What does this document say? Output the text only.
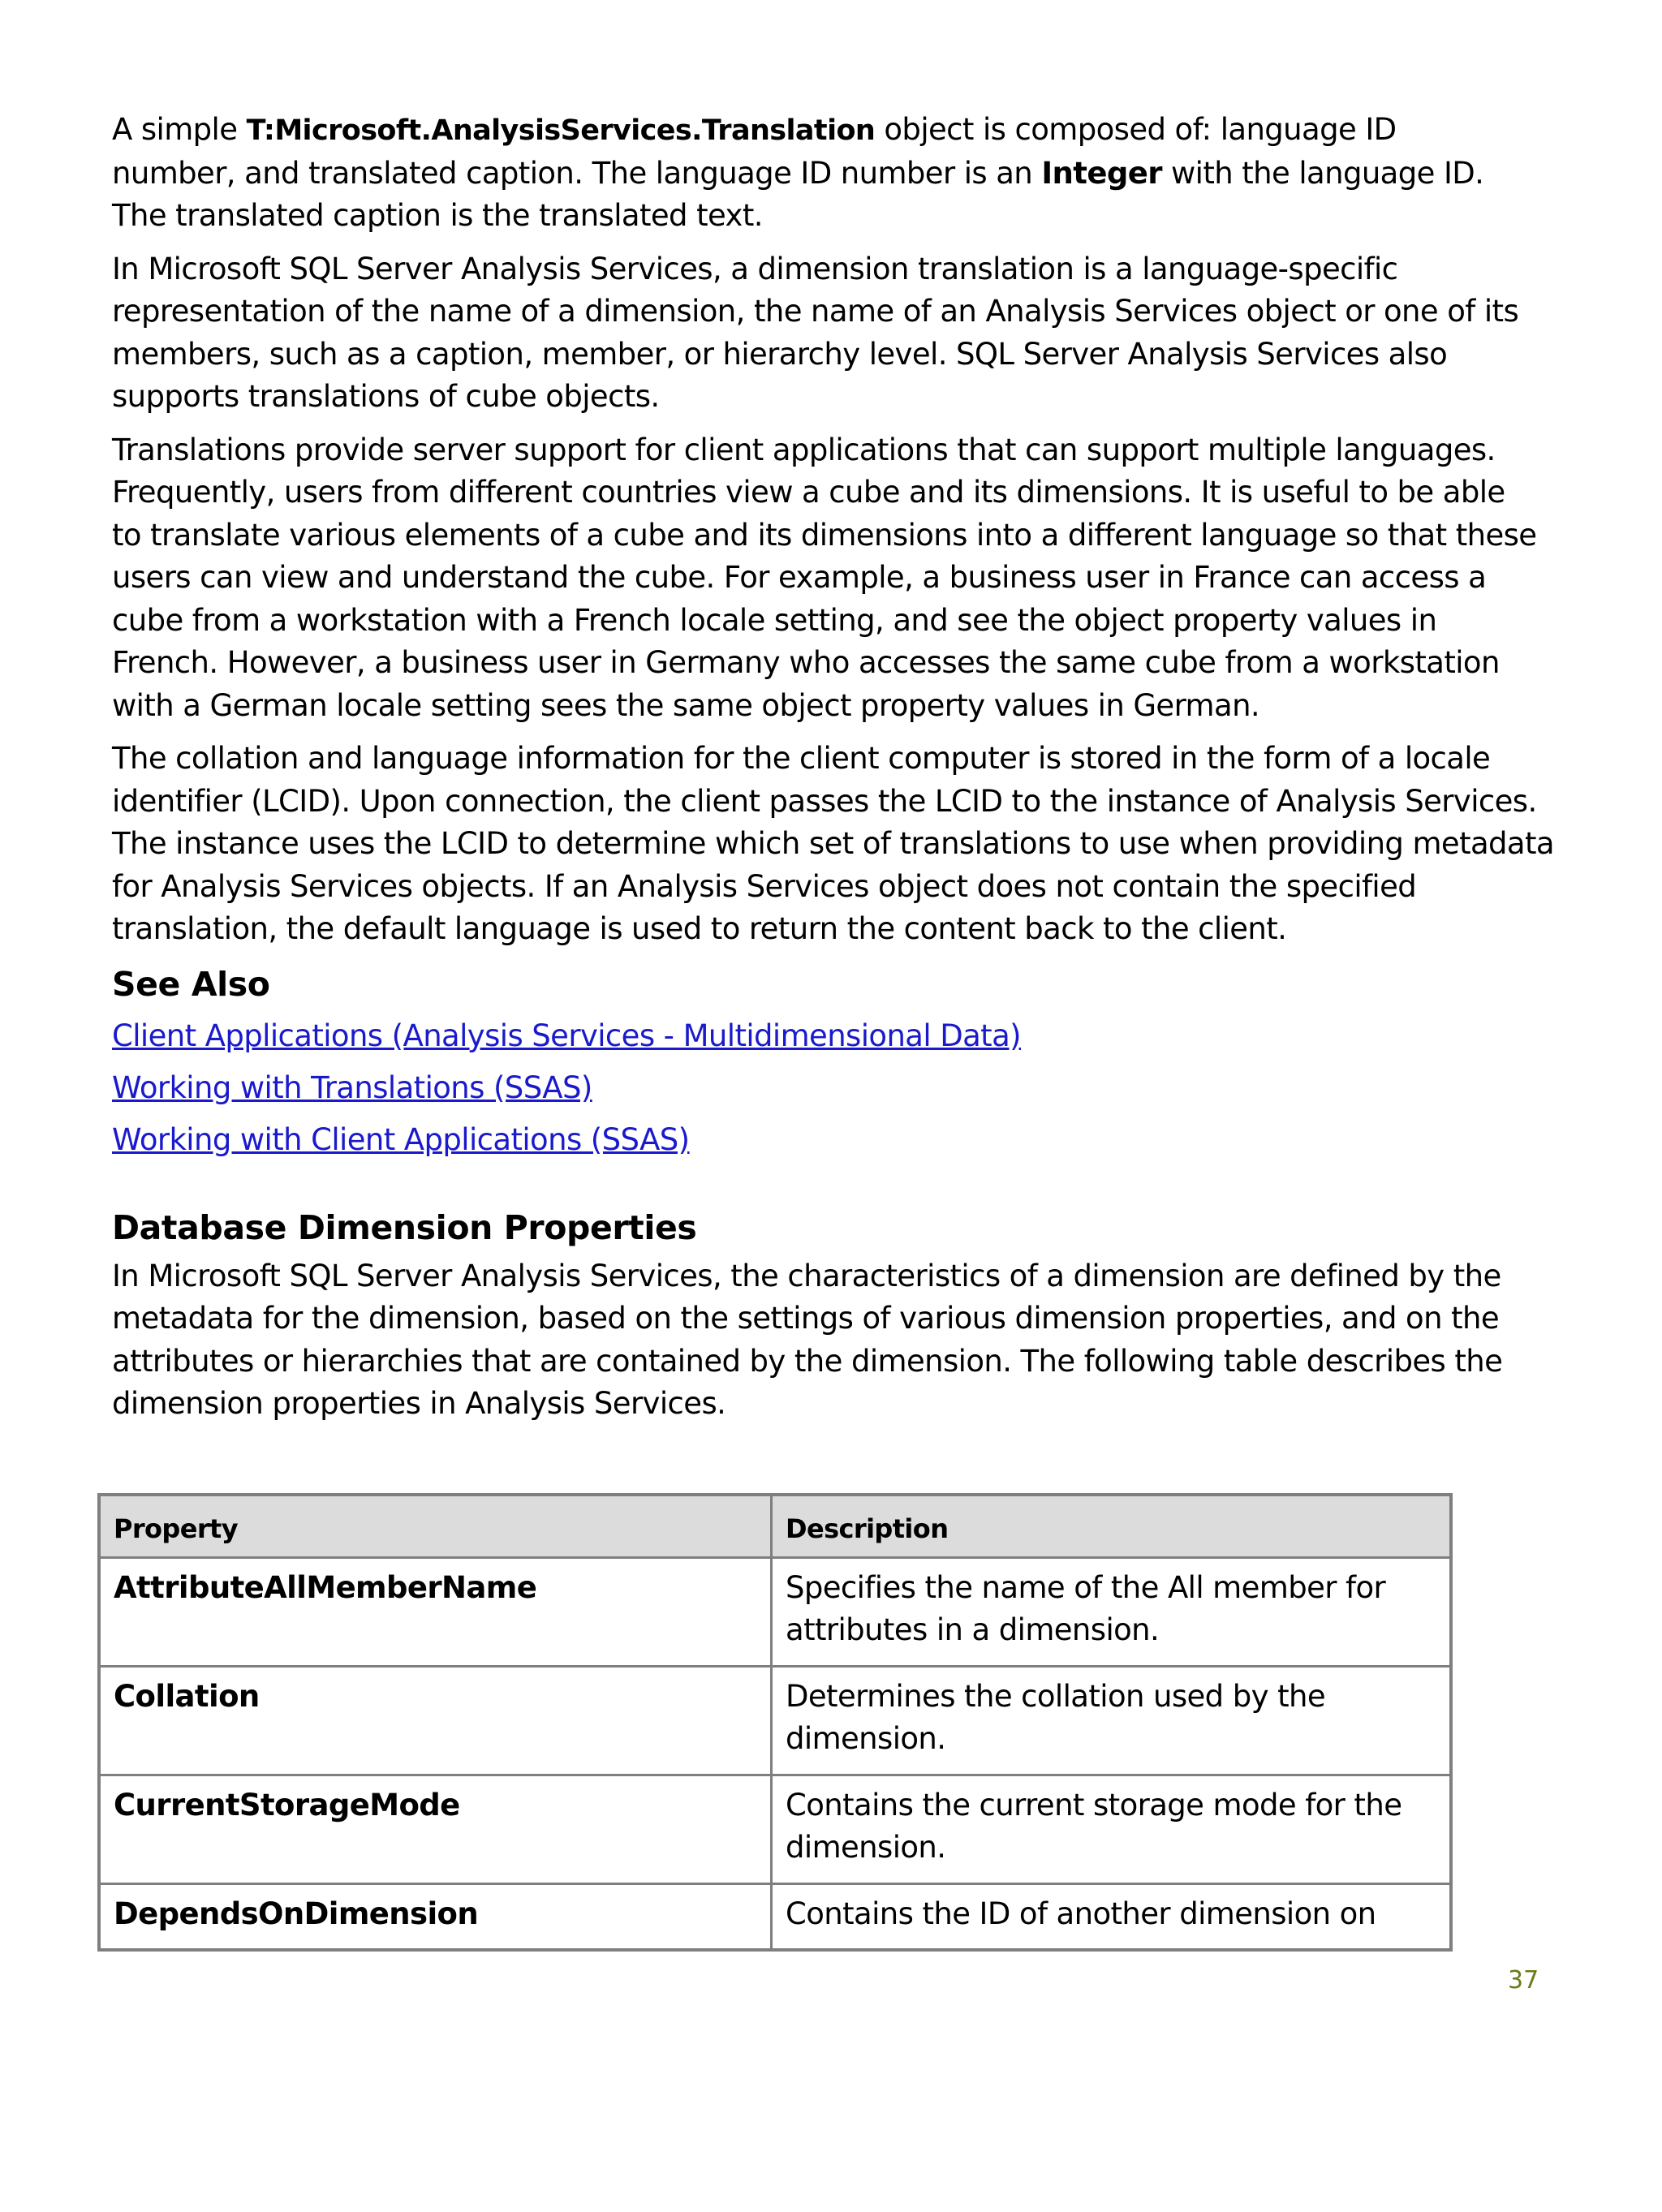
A simple T:Microsoft.AnalysisServices.Translation object is composed of: language ID number, and translated caption. The language ID number is an Integer with the language ID. The translated caption is the translated text.

In Microsoft SQL Server Analysis Services, a dimension translation is a language-specific representation of the name of a dimension, the name of an Analysis Services object or one of its members, such as a caption, member, or hierarchy level. SQL Server Analysis Services also supports translations of cube objects.

Translations provide server support for client applications that can support multiple languages. Frequently, users from different countries view a cube and its dimensions. It is useful to be able to translate various elements of a cube and its dimensions into a different language so that these users can view and understand the cube. For example, a business user in France can access a cube from a workstation with a French locale setting, and see the object property values in French. However, a business user in Germany who accesses the same cube from a workstation with a German locale setting sees the same object property values in German.

The collation and language information for the client computer is stored in the form of a locale identifier (LCID). Upon connection, the client passes the LCID to the instance of Analysis Services. The instance uses the LCID to determine which set of translations to use when providing metadata for Analysis Services objects. If an Analysis Services object does not contain the specified translation, the default language is used to return the content back to the client.

See Also
Client Applications (Analysis Services - Multidimensional Data)
Working with Translations (SSAS)
Working with Client Applications (SSAS)
Database Dimension Properties

In Microsoft SQL Server Analysis Services, the characteristics of a dimension are defined by the metadata for the dimension, based on the settings of various dimension properties, and on the attributes or hierarchies that are contained by the dimension. The following table describes the dimension properties in Analysis Services.

Property	Description
AttributeAllMemberName	Specifies the name of the All member for attributes in a dimension.
Collation	Determines the collation used by the dimension.
CurrentStorageMode	Contains the current storage mode for the dimension.
DependsOnDimension	Contains the ID of another dimension on
37
